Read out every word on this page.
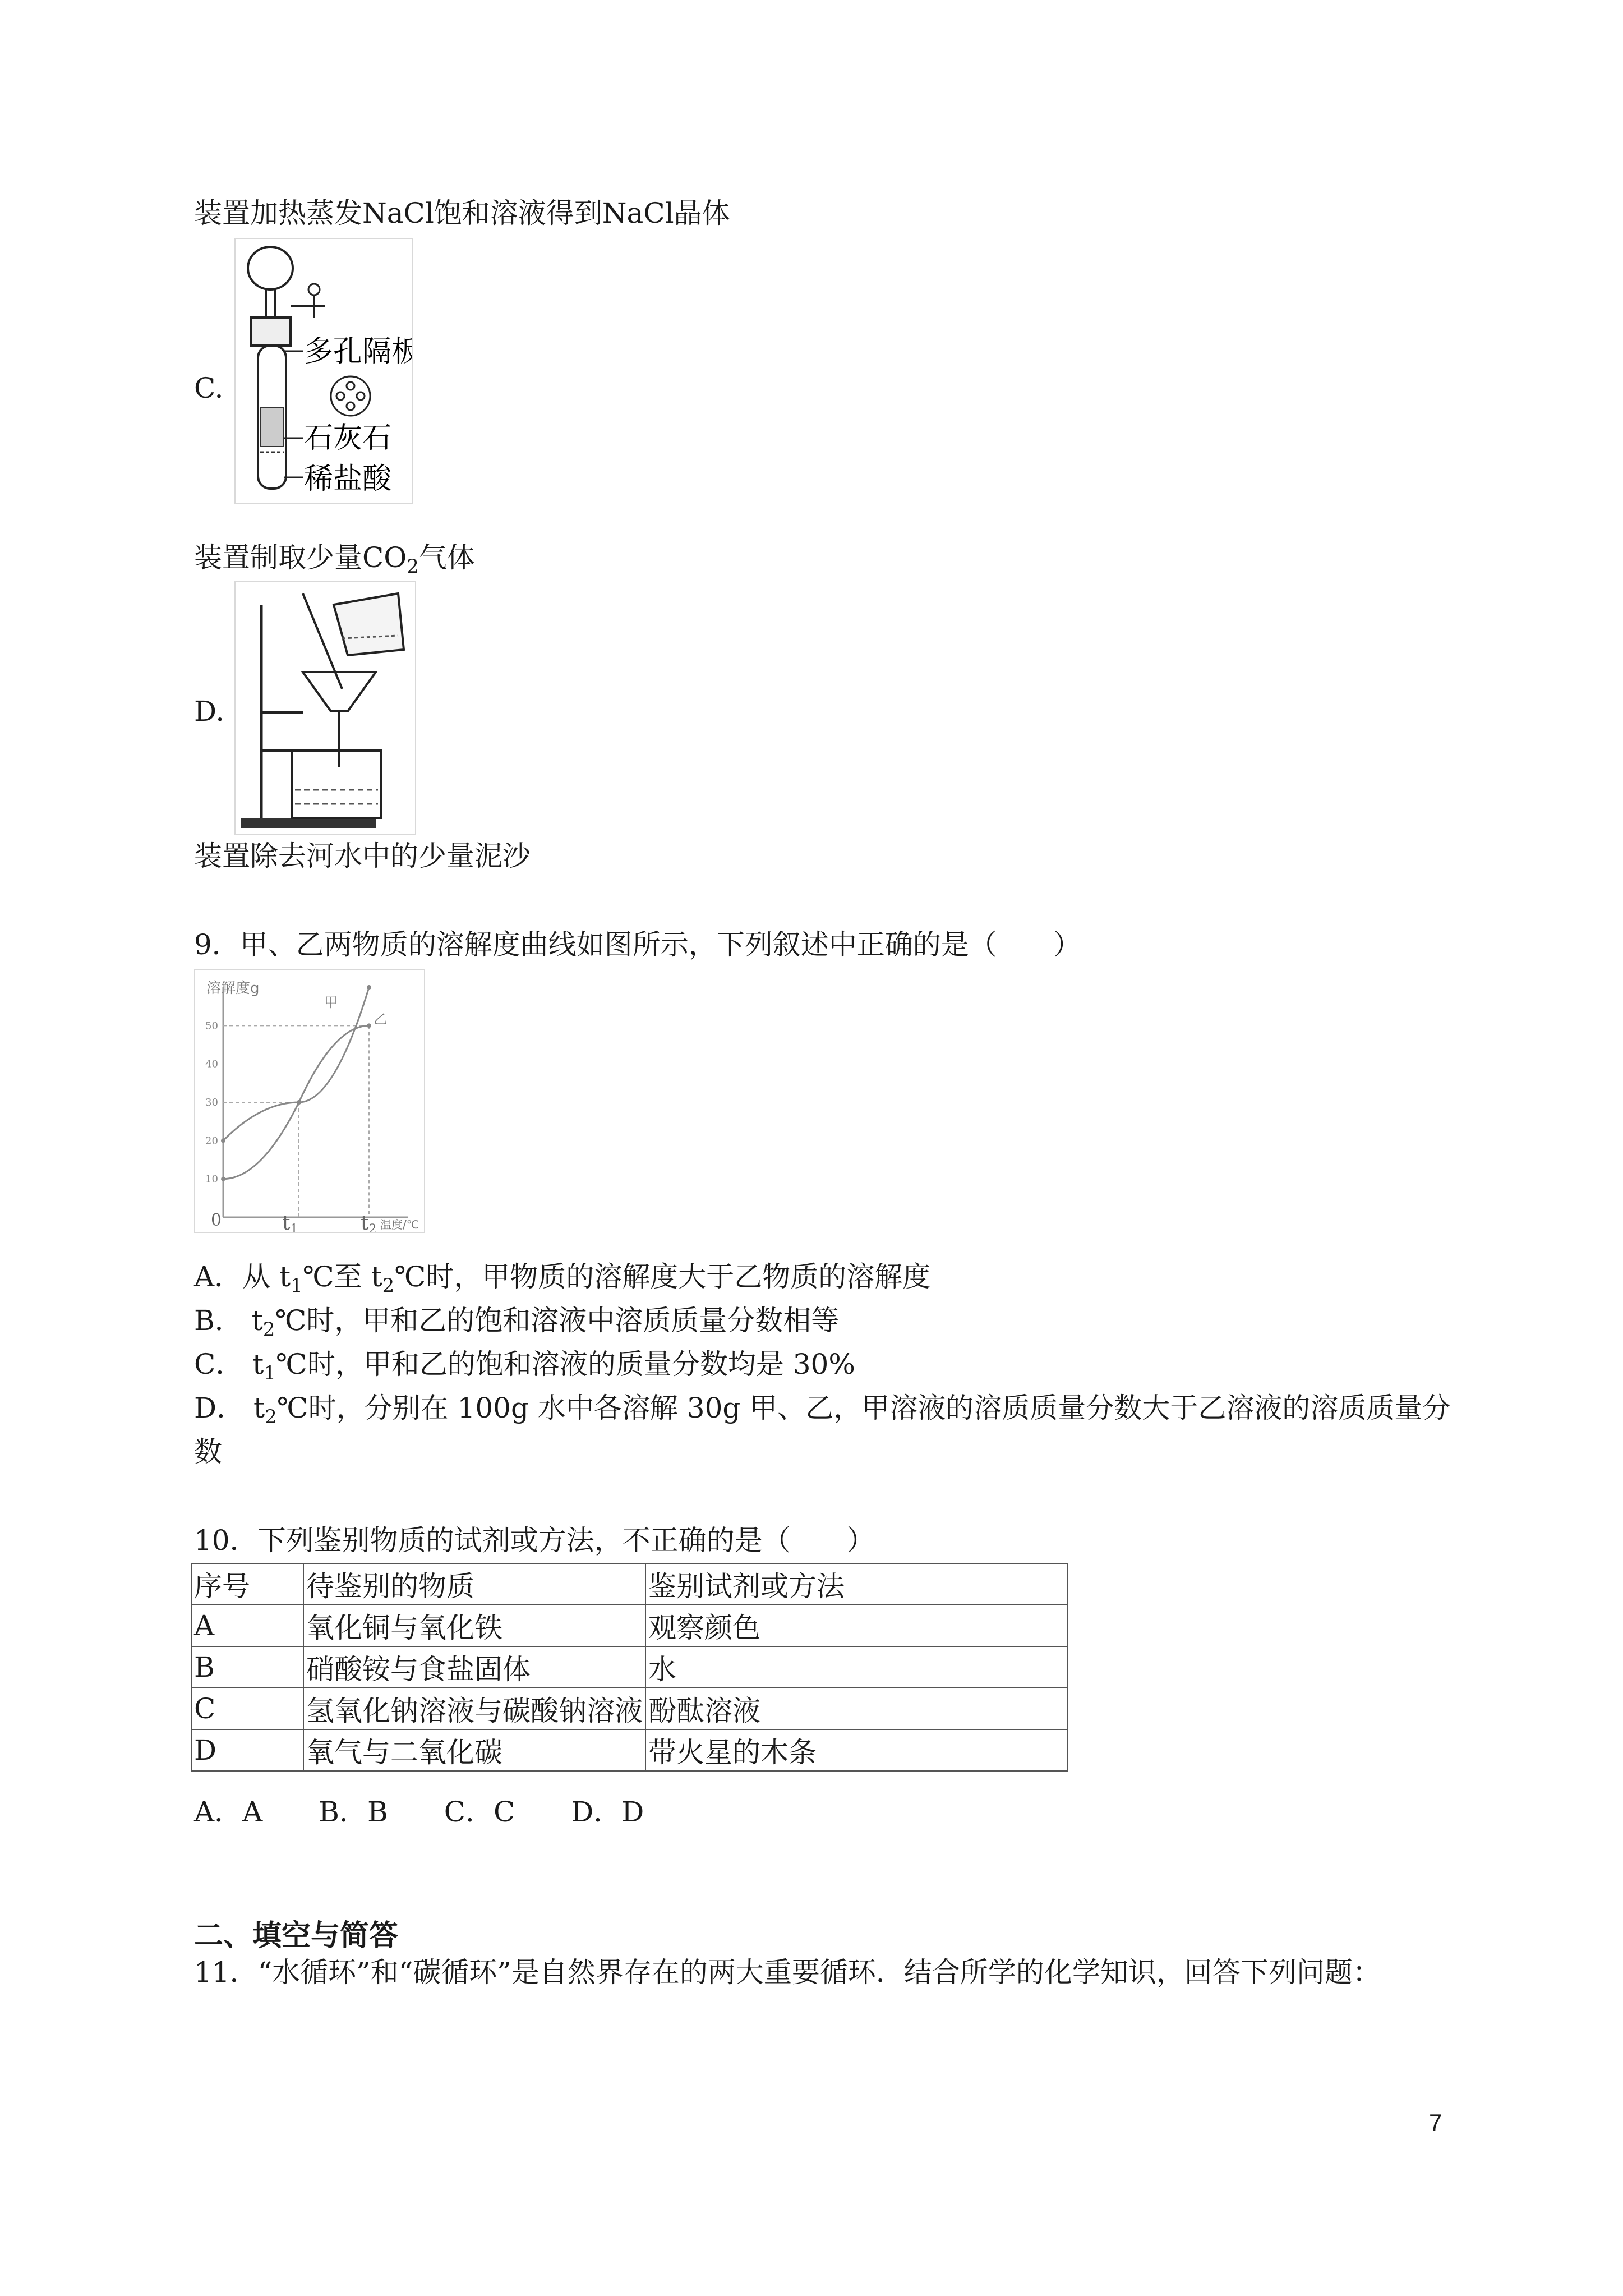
装置加热蒸发NaCl饱和溶液得到NaCl晶体
C.
多孔隔板
石灰石
稀盐酸
装置制取少量$CO_2$气体
D.
装置除去河水中的少量泥沙
9．甲、乙两物质的溶解度曲线如图所示，下列叙述中正确的是（　　）
溶解度g
10
20
30
40
50
0	t1	t2 温度/℃
甲
乙
A．从 $t_1℃$至 $t_2℃$时，甲物质的溶解度大于乙物质的溶解度
B． $t_2℃$时，甲和乙的饱和溶液中溶质质量分数相等
C． $t_1℃$时，甲和乙的饱和溶液的质量分数均是 30%
D． $t_2℃$时，分别在 100g 水中各溶解 30g 甲、乙，甲溶液的溶质质量分数大于乙溶液的溶质质量分
数
10．下列鉴别物质的试剂或方法，不正确的是（　　）
序号	待鉴别的物质	鉴别试剂或方法
A	氧化铜与氧化铁	观察颜色
B	硝酸铵与食盐固体	水
C	氢氧化钠溶液与碳酸钠溶液	酚酞溶液
D	氧气与二氧化碳	带火星的木条
A．A　　B．B　　C．C　　D．D
二、填空与简答
11．“水循环”和“碳循环”是自然界存在的两大重要循环．结合所学的化学知识，回答下列问题：
7
